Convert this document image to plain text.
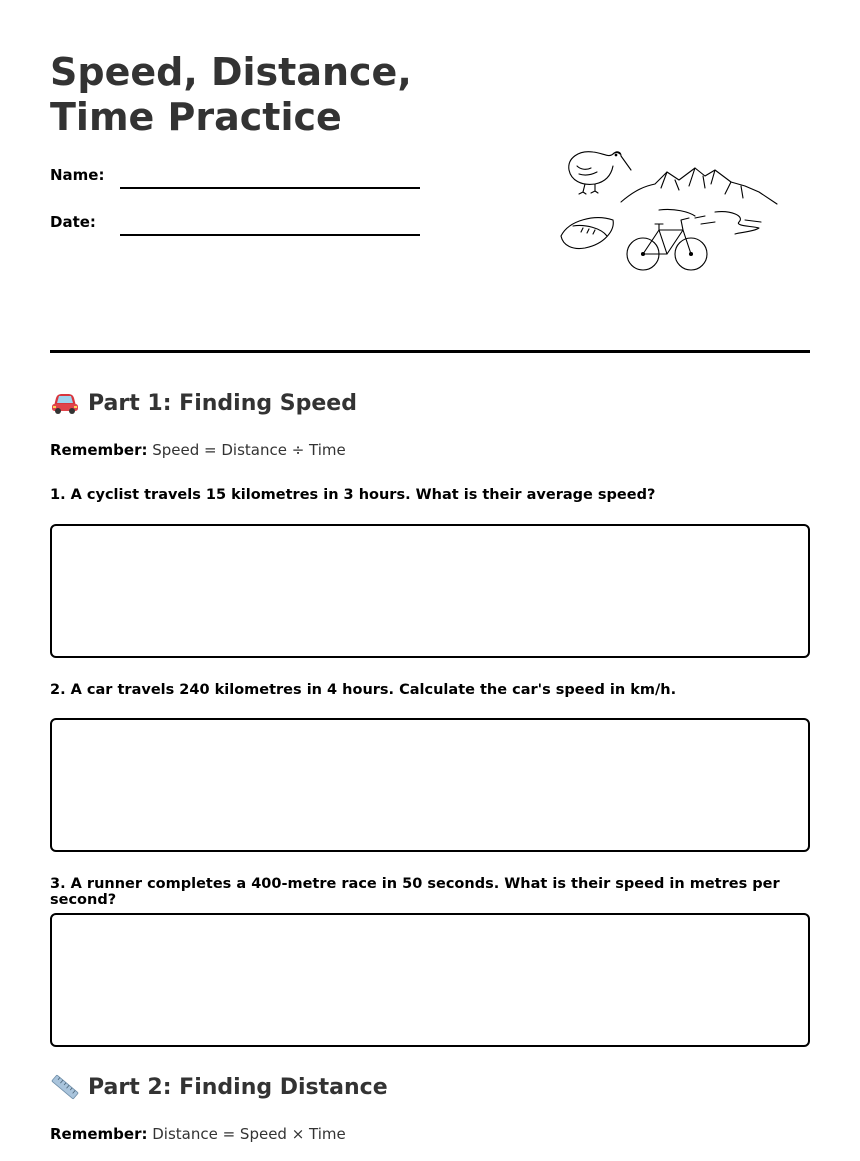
Speed, Distance, Time Practice
Name:
Date:
Part 1: Finding Speed
Remember: Speed = Distance ÷ Time
1. A cyclist travels 15 kilometres in 3 hours. What is their average speed?
2. A car travels 240 kilometres in 4 hours. Calculate the car's speed in km/h.
3. A runner completes a 400-metre race in 50 seconds. What is their speed in metres per second?
Part 2: Finding Distance
Remember: Distance = Speed × Time
